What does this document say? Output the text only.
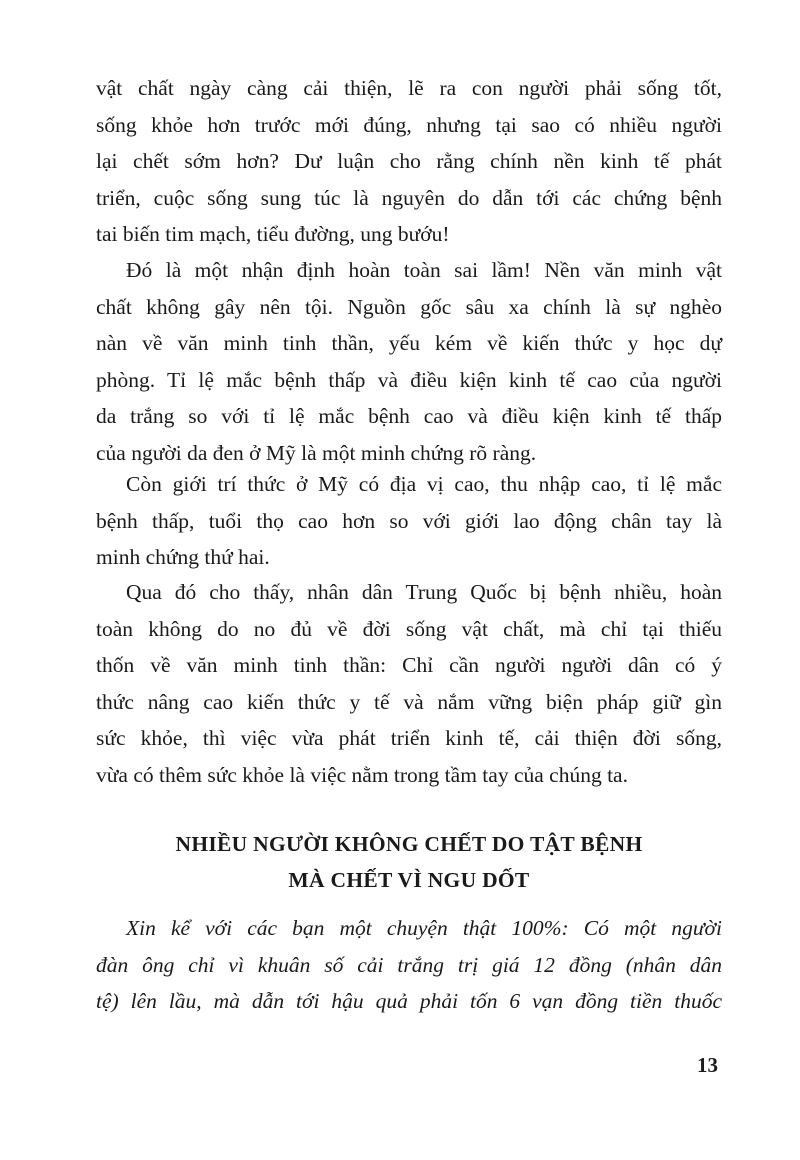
vật chất ngày càng cải thiện, lẽ ra con người phải sống tốt,
sống khỏe hơn trước mới đúng, nhưng tại sao có nhiều người
lại chết sớm hơn? Dư luận cho rằng chính nền kinh tế phát
triển, cuộc sống sung túc là nguyên do dẫn tới các chứng bệnh
tai biến tim mạch, tiểu đường, ung bướu!

Đó là một nhận định hoàn toàn sai lầm! Nền văn minh vật
chất không gây nên tội. Nguồn gốc sâu xa chính là sự nghèo
nàn về văn minh tinh thần, yếu kém về kiến thức y học dự
phòng. Tỉ lệ mắc bệnh thấp và điều kiện kinh tế cao của người
da trắng so với tỉ lệ mắc bệnh cao và điều kiện kinh tế thấp
của người da đen ở Mỹ là một minh chứng rõ ràng.

Còn giới trí thức ở Mỹ có địa vị cao, thu nhập cao, tỉ lệ mắc
bệnh thấp, tuổi thọ cao hơn so với giới lao động chân tay là
minh chứng thứ hai.

Qua đó cho thấy, nhân dân Trung Quốc bị bệnh nhiều, hoàn
toàn không do no đủ về đời sống vật chất, mà chỉ tại thiếu
thốn về văn minh tinh thần: Chỉ cần người người dân có ý
thức nâng cao kiến thức y tế và nắm vững biện pháp giữ gìn
sức khỏe, thì việc vừa phát triển kinh tế, cải thiện đời sống,
vừa có thêm sức khỏe là việc nằm trong tầm tay của chúng ta.

NHIỀU NGƯỜI KHÔNG CHẾT DO TẬT BỆNH
MÀ CHẾT VÌ NGU DỐT
Xin kể với các bạn một chuyện thật 100%: Có một người
đàn ông chỉ vì khuân số cải trắng trị giá 12 đồng (nhân dân
tệ) lên lầu, mà dẫn tới hậu quả phải tốn 6 vạn đồng tiền thuốc
13
